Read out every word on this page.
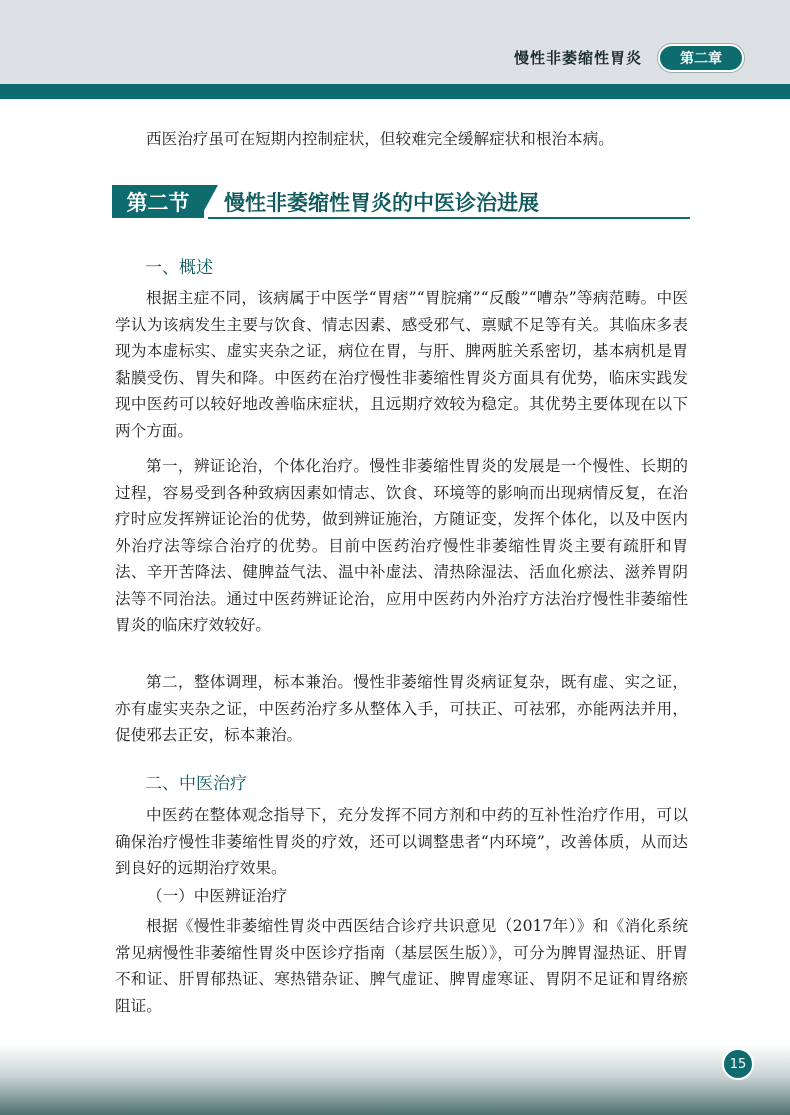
慢性非萎缩性胃炎	第二章

西医治疗虽可在短期内控制症状，但较难完全缓解症状和根治本病。

第二节	慢性非萎缩性胃炎的中医诊治进展
一、概述

根据主症不同，该病属于中医学“胃痞”“胃脘痛”“反酸”“嘈杂”等病范畴。中医学认为该病发生主要与饮食、情志因素、感受邪气、禀赋不足等有关。其临床多表现为本虚标实、虚实夹杂之证，病位在胃，与肝、脾两脏关系密切，基本病机是胃黏膜受伤、胃失和降。中医药在治疗慢性非萎缩性胃炎方面具有优势，临床实践发现中医药可以较好地改善临床症状，且远期疗效较为稳定。其优势主要体现在以下两个方面。

第一，辨证论治，个体化治疗。慢性非萎缩性胃炎的发展是一个慢性、长期的过程，容易受到各种致病因素如情志、饮食、环境等的影响而出现病情反复，在治疗时应发挥辨证论治的优势，做到辨证施治，方随证变，发挥个体化，以及中医内外治疗法等综合治疗的优势。目前中医药治疗慢性非萎缩性胃炎主要有疏肝和胃法、辛开苦降法、健脾益气法、温中补虚法、清热除湿法、活血化瘀法、滋养胃阴法等不同治法。通过中医药辨证论治，应用中医药内外治疗方法治疗慢性非萎缩性胃炎的临床疗效较好。

第二，整体调理，标本兼治。慢性非萎缩性胃炎病证复杂，既有虚、实之证，亦有虚实夹杂之证，中医药治疗多从整体入手，可扶正、可祛邪，亦能两法并用，促使邪去正安，标本兼治。

二、中医治疗

中医药在整体观念指导下，充分发挥不同方剂和中药的互补性治疗作用，可以确保治疗慢性非萎缩性胃炎的疗效，还可以调整患者“内环境”，改善体质，从而达到良好的远期治疗效果。

（一）中医辨证治疗

根据《慢性非萎缩性胃炎中西医结合诊疗共识意见（2017年）》和《消化系统常见病慢性非萎缩性胃炎中医诊疗指南（基层医生版）》，可分为脾胃湿热证、肝胃不和证、肝胃郁热证、寒热错杂证、脾气虚证、脾胃虚寒证、胃阴不足证和胃络瘀阻证。

15
